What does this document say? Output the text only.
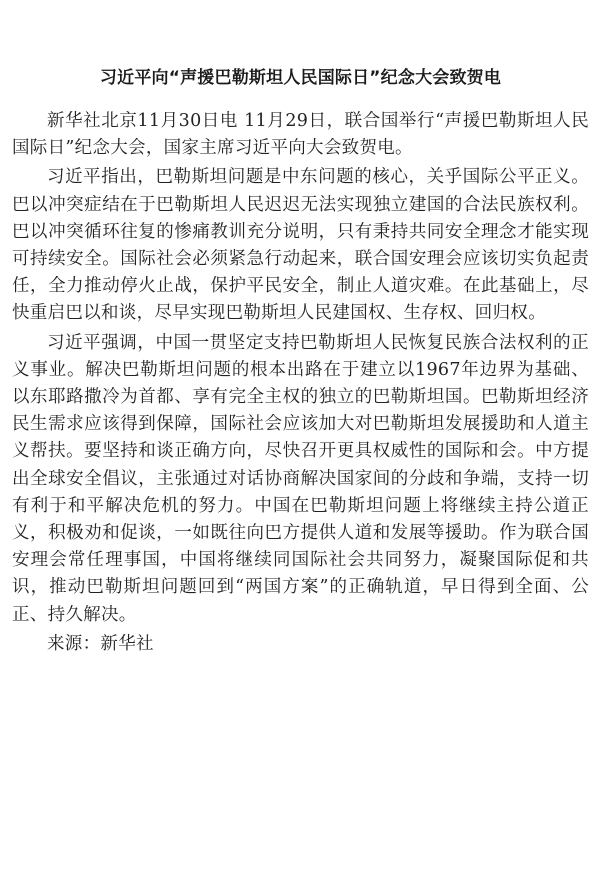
习近平向“声援巴勒斯坦人民国际日”纪念大会致贺电

新华社北京11月30日电 11月29日，联合国举行“声援巴勒斯坦人民国际日”纪念大会，国家主席习近平向大会致贺电。

习近平指出，巴勒斯坦问题是中东问题的核心，关乎国际公平正义。巴以冲突症结在于巴勒斯坦人民迟迟无法实现独立建国的合法民族权利。巴以冲突循环往复的惨痛教训充分说明，只有秉持共同安全理念才能实现可持续安全。国际社会必须紧急行动起来，联合国安理会应该切实负起责任，全力推动停火止战，保护平民安全，制止人道灾难。在此基础上，尽快重启巴以和谈，尽早实现巴勒斯坦人民建国权、生存权、回归权。

习近平强调，中国一贯坚定支持巴勒斯坦人民恢复民族合法权利的正义事业。解决巴勒斯坦问题的根本出路在于建立以1967年边界为基础、以东耶路撒冷为首都、享有完全主权的独立的巴勒斯坦国。巴勒斯坦经济民生需求应该得到保障，国际社会应该加大对巴勒斯坦发展援助和人道主义帮扶。要坚持和谈正确方向，尽快召开更具权威性的国际和会。中方提出全球安全倡议，主张通过对话协商解决国家间的分歧和争端，支持一切有利于和平解决危机的努力。中国在巴勒斯坦问题上将继续主持公道正义，积极劝和促谈，一如既往向巴方提供人道和发展等援助。作为联合国安理会常任理事国，中国将继续同国际社会共同努力，凝聚国际促和共识，推动巴勒斯坦问题回到“两国方案”的正确轨道，早日得到全面、公正、持久解决。

来源：新华社
